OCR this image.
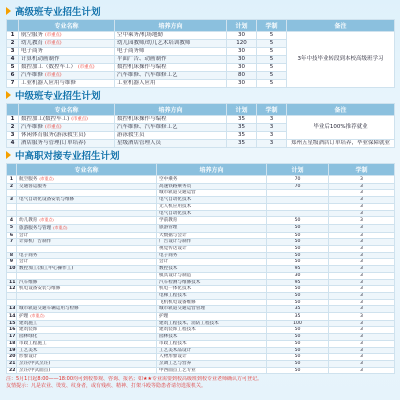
高级班专业招生计划
	专业名称	培养方向	计划	学制	备注
1	航空服务 (市重点)	空中乘务/机场地勤	30	5	3年中技毕业转段到本校高级班学习
2	幼儿教育 (市重点)	幼儿园教师/幼儿艺术培训教师	120	5	
3	电子商务	电子商务师	30	5	
4	计算机动画制作	平面广告、动画制作	30	5	
5	数控加工（数控车工） (市重点)	数控机床操作与编程	30	5	
6	汽车维修 (市重点)	汽车维修、汽车维修工艺	80	5	
7	工业机器人应用与维修	工业机器人应用	30	5	
中级班专业招生计划
	专业名称	培养方向	计划	学制	备注
1	数控加工(数控车工) (市重点)	数控机床操作与编程	35	3	毕业后100%推荐就业
2	汽车维修 (市重点)	汽车维修、汽车维修工艺	35	3	
3	休闲体育服务(游泳救生员)	游泳救生员	35	3	
4	酒店服务与管理(订单培养)	星级酒店管理人员	35	3	郑州五星级酒店订单培养，毕业保障就业
中高职对接专业招生计划
	专业名称	培养方向	计划	学制
1	航空服务 (市重点)	空中乘务	70	3
2	交通客运服务	高速铁路乘务员	70	3
		城市轨道交通运营		3
3	电气自动化设备安装与维修	电气自动化技术		3
		无人机应用技术		3
		电气自动化技术		3
4	幼儿教育 (市重点)	学前教育	50	3
5	旅游服务与管理 (市重点)	旅游管理	50	3
6	会计	大数据与会计	50	3
7	计算机广告制作	广告设计与制作	50	3
		视觉传达设计	50	3
8	电子商务	电子商务	50	3
9	会计	会计	50	3
10	数控加工(加工中心操作工)	数控技术	95	3
		模具设计与制造	30	3
11	汽车维修	汽车检测与维修技术	95	3
12	机电设备安装与维修	机电一体化技术	50	3
		电梯工程技术	50	3
		飞机机电设备维修	50	3
13	城市轨道交通车辆运用与检修	城市轨道交通运营管理	35	3
14	护理 (市重点)	护理	35	3
15	建筑施工	建筑工程技术、消防工程技术	100	3
16	建筑装饰	建筑装饰工程技术	50	3
17	园林绿化	园林技术	50	3
18	市政工程施工	市政工程技术	50	3
19	工艺美术	工艺美术品设计	50	3
20	形象设计	人物形象设计	50	3
21	烹饪(中式烹饪)	烹调工艺与营养	50	3
22	烹饪(中式面点)	中西面点工艺专业	50	3
注：5月1日起8:00——18:00均可到校参观、咨询、报名；如★★专业需要到校高级班到校专业老师确认方可登记。
友情提示：凡是农业、烫发、纹身者，或有残疾、精神、打架斗殴等隐患者请勿选报机关。
